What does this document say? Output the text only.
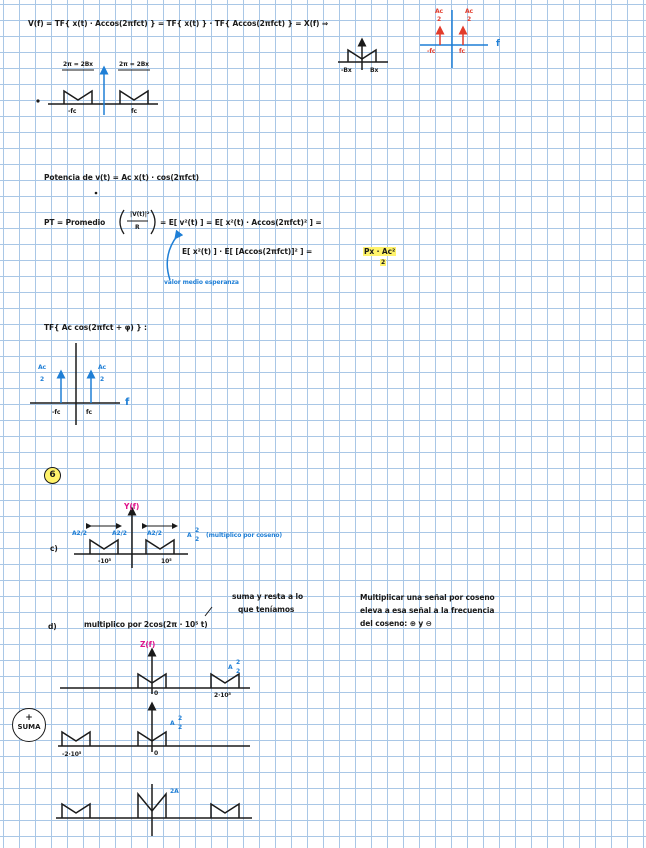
V(f) = TF{ x(t) · Accos(2πfct) } = TF{ x(t) } · TF{ Accos(2πfct) } = X(f) ⇒
-Bx	Bx
Ac
2
Ac
2
-fc	fc
f
2π = 2Bx	2π = 2Bx
-fc	fc
Potencia de v(t) = Ac x(t) · cos(2πfct)
PT = Promedio
|V(t)|²
R
= E[ v²(t) ] = E[ x²(t) · Accos(2πfct)² ] =
E[ x²(t) ] · E[ [Accos(2πfct)]² ] =	Px · Ac²
2
valor medio esperanza
TF{ Ac cos(2πfct + φ) } :
Ac
2
Ac
2
-fc	fc
f
6
Y(f)
c)
A2/2	A2/2	A2/2	A
2
2
(multiplico por coseno)
-10⁵	10⁵
d)	multiplico por 2cos(2π · 10⁵ t)
suma y resta a lo
que teníamos
Multiplicar una señal por coseno
eleva a esa señal a la frecuencia
del coseno: ⊕ y ⊖
Z(f)
A
2
2
2·10⁵
0
A
2
2
0
-2·10⁵
+
SUMA
2A
